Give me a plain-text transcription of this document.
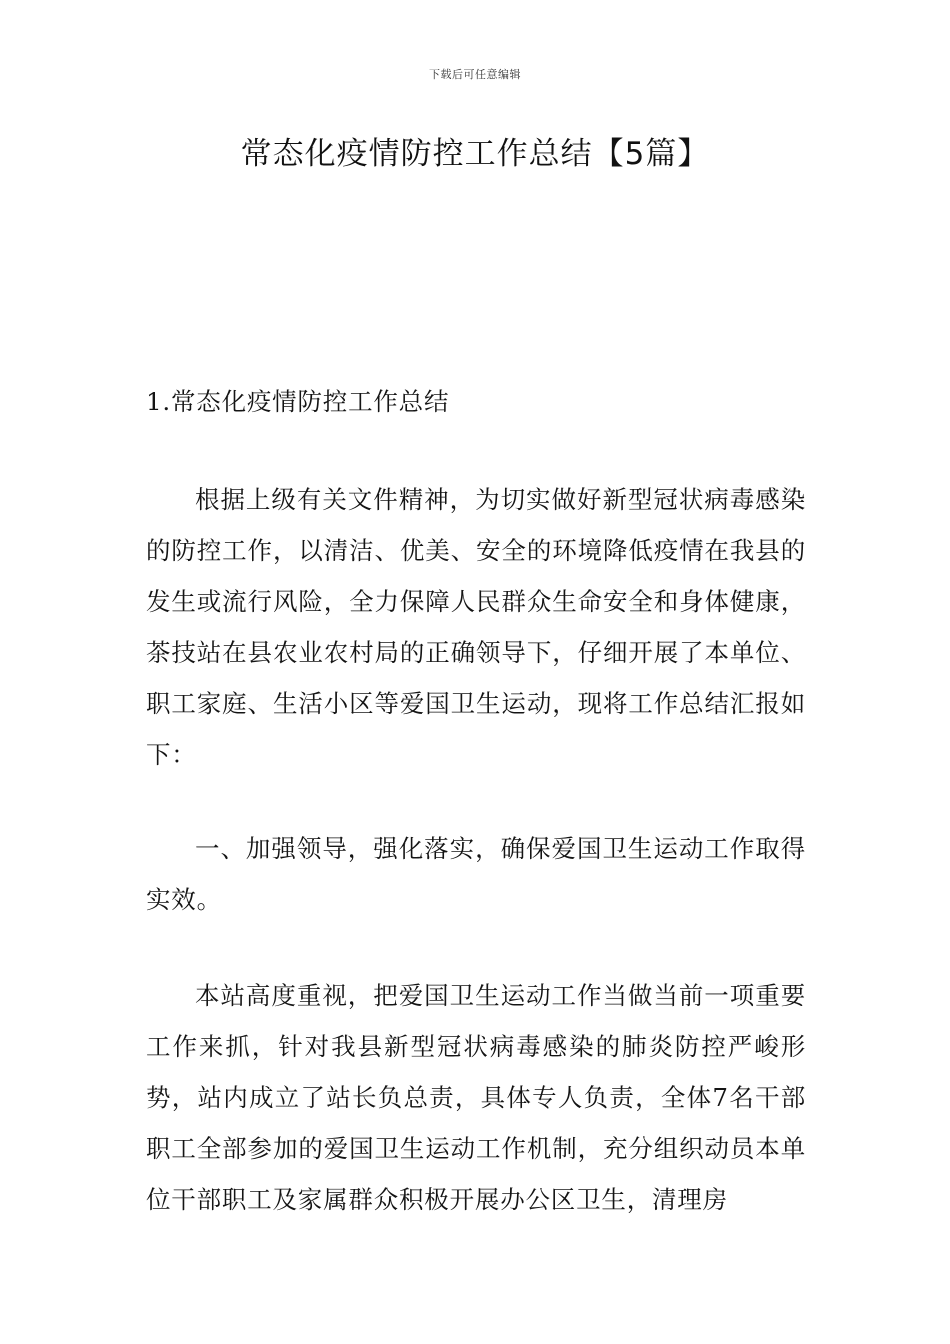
下载后可任意编辑
常态化疫情防控工作总结【5篇】
1.常态化疫情防控工作总结
根据上级有关文件精神，为切实做好新型冠状病毒感染的防控工作，以清洁、优美、安全的环境降低疫情在我县的发生或流行风险，全力保障人民群众生命安全和身体健康，茶技站在县农业农村局的正确领导下，仔细开展了本单位、职工家庭、生活小区等爱国卫生运动，现将工作总结汇报如下：
一、加强领导，强化落实，确保爱国卫生运动工作取得实效。
本站高度重视，把爱国卫生运动工作当做当前一项重要工作来抓，针对我县新型冠状病毒感染的肺炎防控严峻形势，站内成立了站长负总责，具体专人负责，全体7名干部职工全部参加的爱国卫生运动工作机制，充分组织动员本单位干部职工及家属群众积极开展办公区卫生，清理房
